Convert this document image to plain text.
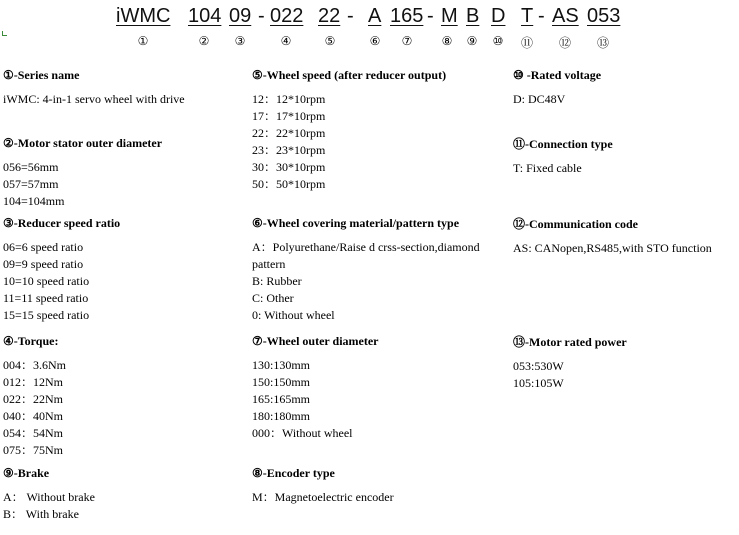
iWMC 104 09 - 022 22 - A 165 - M B D T - AS 053
①	② ③	④	⑤	⑥ ⑦ ⑧ ⑨ ⑩ ⑪ ⑫ ⑬
①-Series name
iWMC: 4-in-1 servo wheel with drive
②-Motor stator outer diameter
056=56mm
057=57mm
104=104mm
③-Reducer speed ratio
06=6 speed ratio
09=9 speed ratio
10=10 speed ratio
11=11 speed ratio
15=15 speed ratio
④-Torque:
004：3.6Nm
012：12Nm
022：22Nm
040：40Nm
054：54Nm
075：75Nm
⑨-Brake
A： Without brake
B： With brake
⑤-Wheel speed (after reducer output)
12：12*10rpm
17：17*10rpm
22：22*10rpm
23：23*10rpm
30：30*10rpm
50：50*10rpm
⑥-Wheel covering material/pattern type
A：Polyurethane/Raise d crss-section,diamond
pattern
B: Rubber
C: Other
0: Without wheel
⑦-Wheel outer diameter
130:130mm
150:150mm
165:165mm
180:180mm
000：Without wheel
⑧-Encoder type
M：Magnetoelectric encoder
⑩ -Rated voltage
D: DC48V
⑪-Connection type
T: Fixed cable
⑫-Communication code
AS: CANopen,RS485,with STO function
⑬-Motor rated power
053:530W
105:105W
